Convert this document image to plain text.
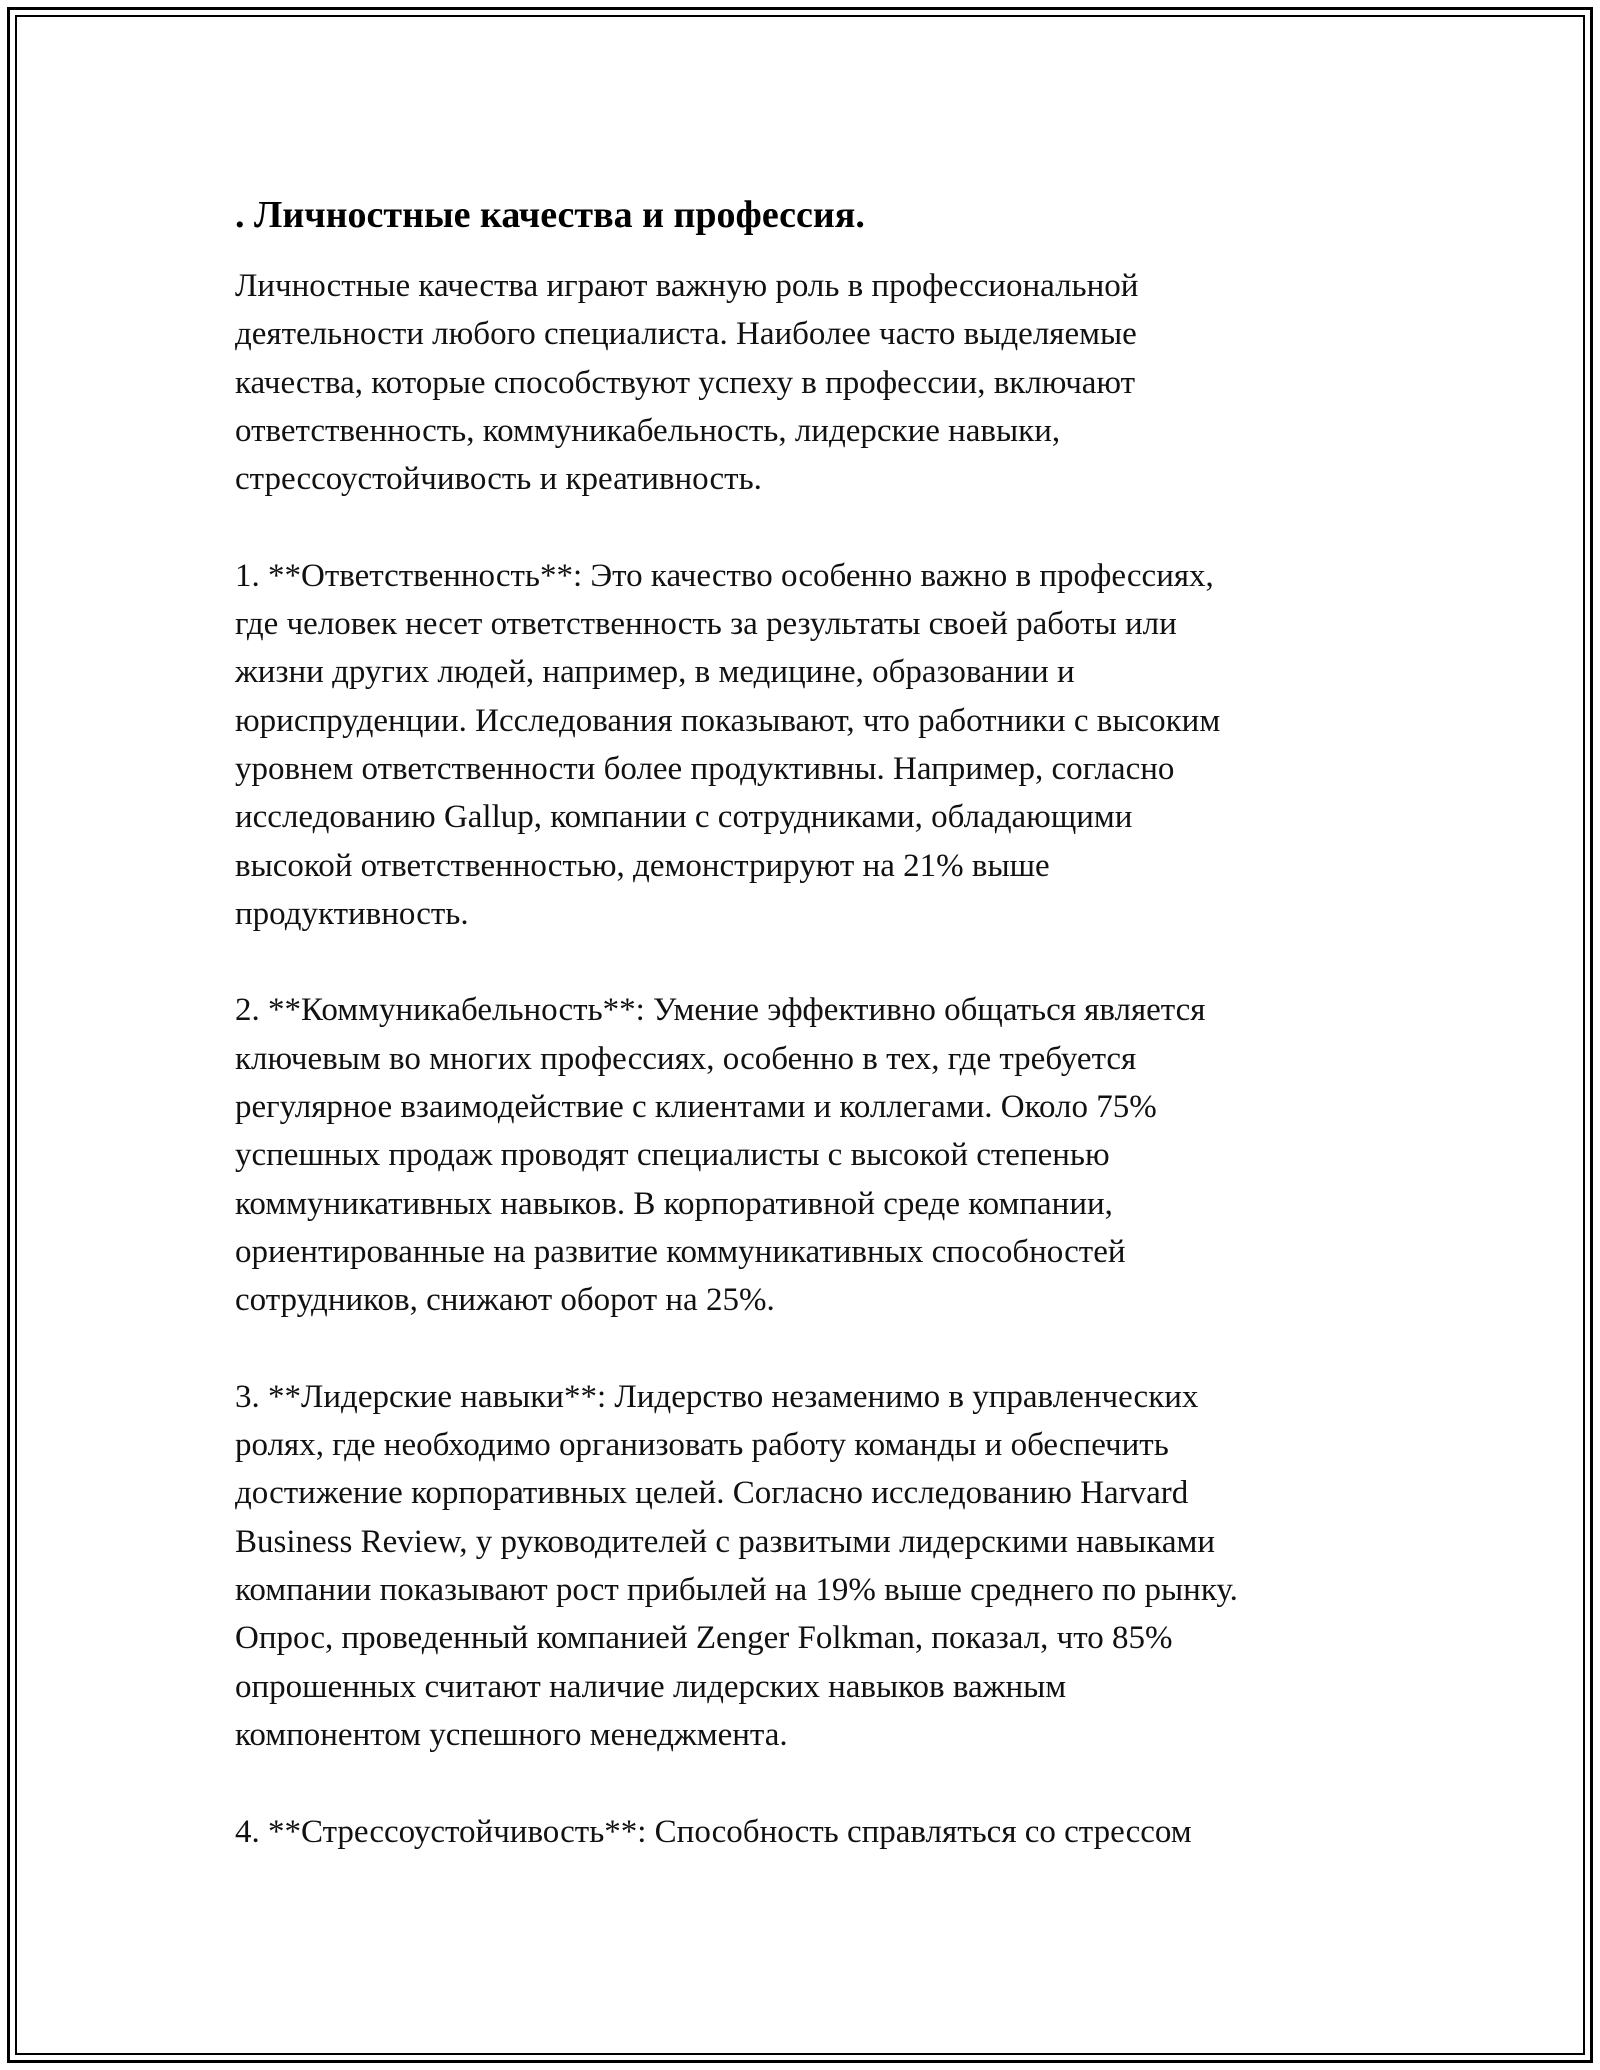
. Личностные качества и профессия.
Личностные качества играют важную роль в профессиональной
деятельности любого специалиста. Наиболее часто выделяемые
качества, которые способствуют успеху в профессии, включают
ответственность, коммуникабельность, лидерские навыки,
стрессоустойчивость и креативность.
1. **Ответственность**: Это качество особенно важно в профессиях,
где человек несет ответственность за результаты своей работы или
жизни других людей, например, в медицине, образовании и
юриспруденции. Исследования показывают, что работники с высоким
уровнем ответственности более продуктивны. Например, согласно
исследованию Gallup, компании с сотрудниками, обладающими
высокой ответственностью, демонстрируют на 21% выше
продуктивность.
2. **Коммуникабельность**: Умение эффективно общаться является
ключевым во многих профессиях, особенно в тех, где требуется
регулярное взаимодействие с клиентами и коллегами. Около 75%
успешных продаж проводят специалисты с высокой степенью
коммуникативных навыков. В корпоративной среде компании,
ориентированные на развитие коммуникативных способностей
сотрудников, снижают оборот на 25%.
3. **Лидерские навыки**: Лидерство незаменимо в управленческих
ролях, где необходимо организовать работу команды и обеспечить
достижение корпоративных целей. Согласно исследованию Harvard
Business Review, у руководителей с развитыми лидерскими навыками
компании показывают рост прибылей на 19% выше среднего по рынку.
Опрос, проведенный компанией Zenger Folkman, показал, что 85%
опрошенных считают наличие лидерских навыков важным
компонентом успешного менеджмента.
4. **Стрессоустойчивость**: Способность справляться со стрессом
